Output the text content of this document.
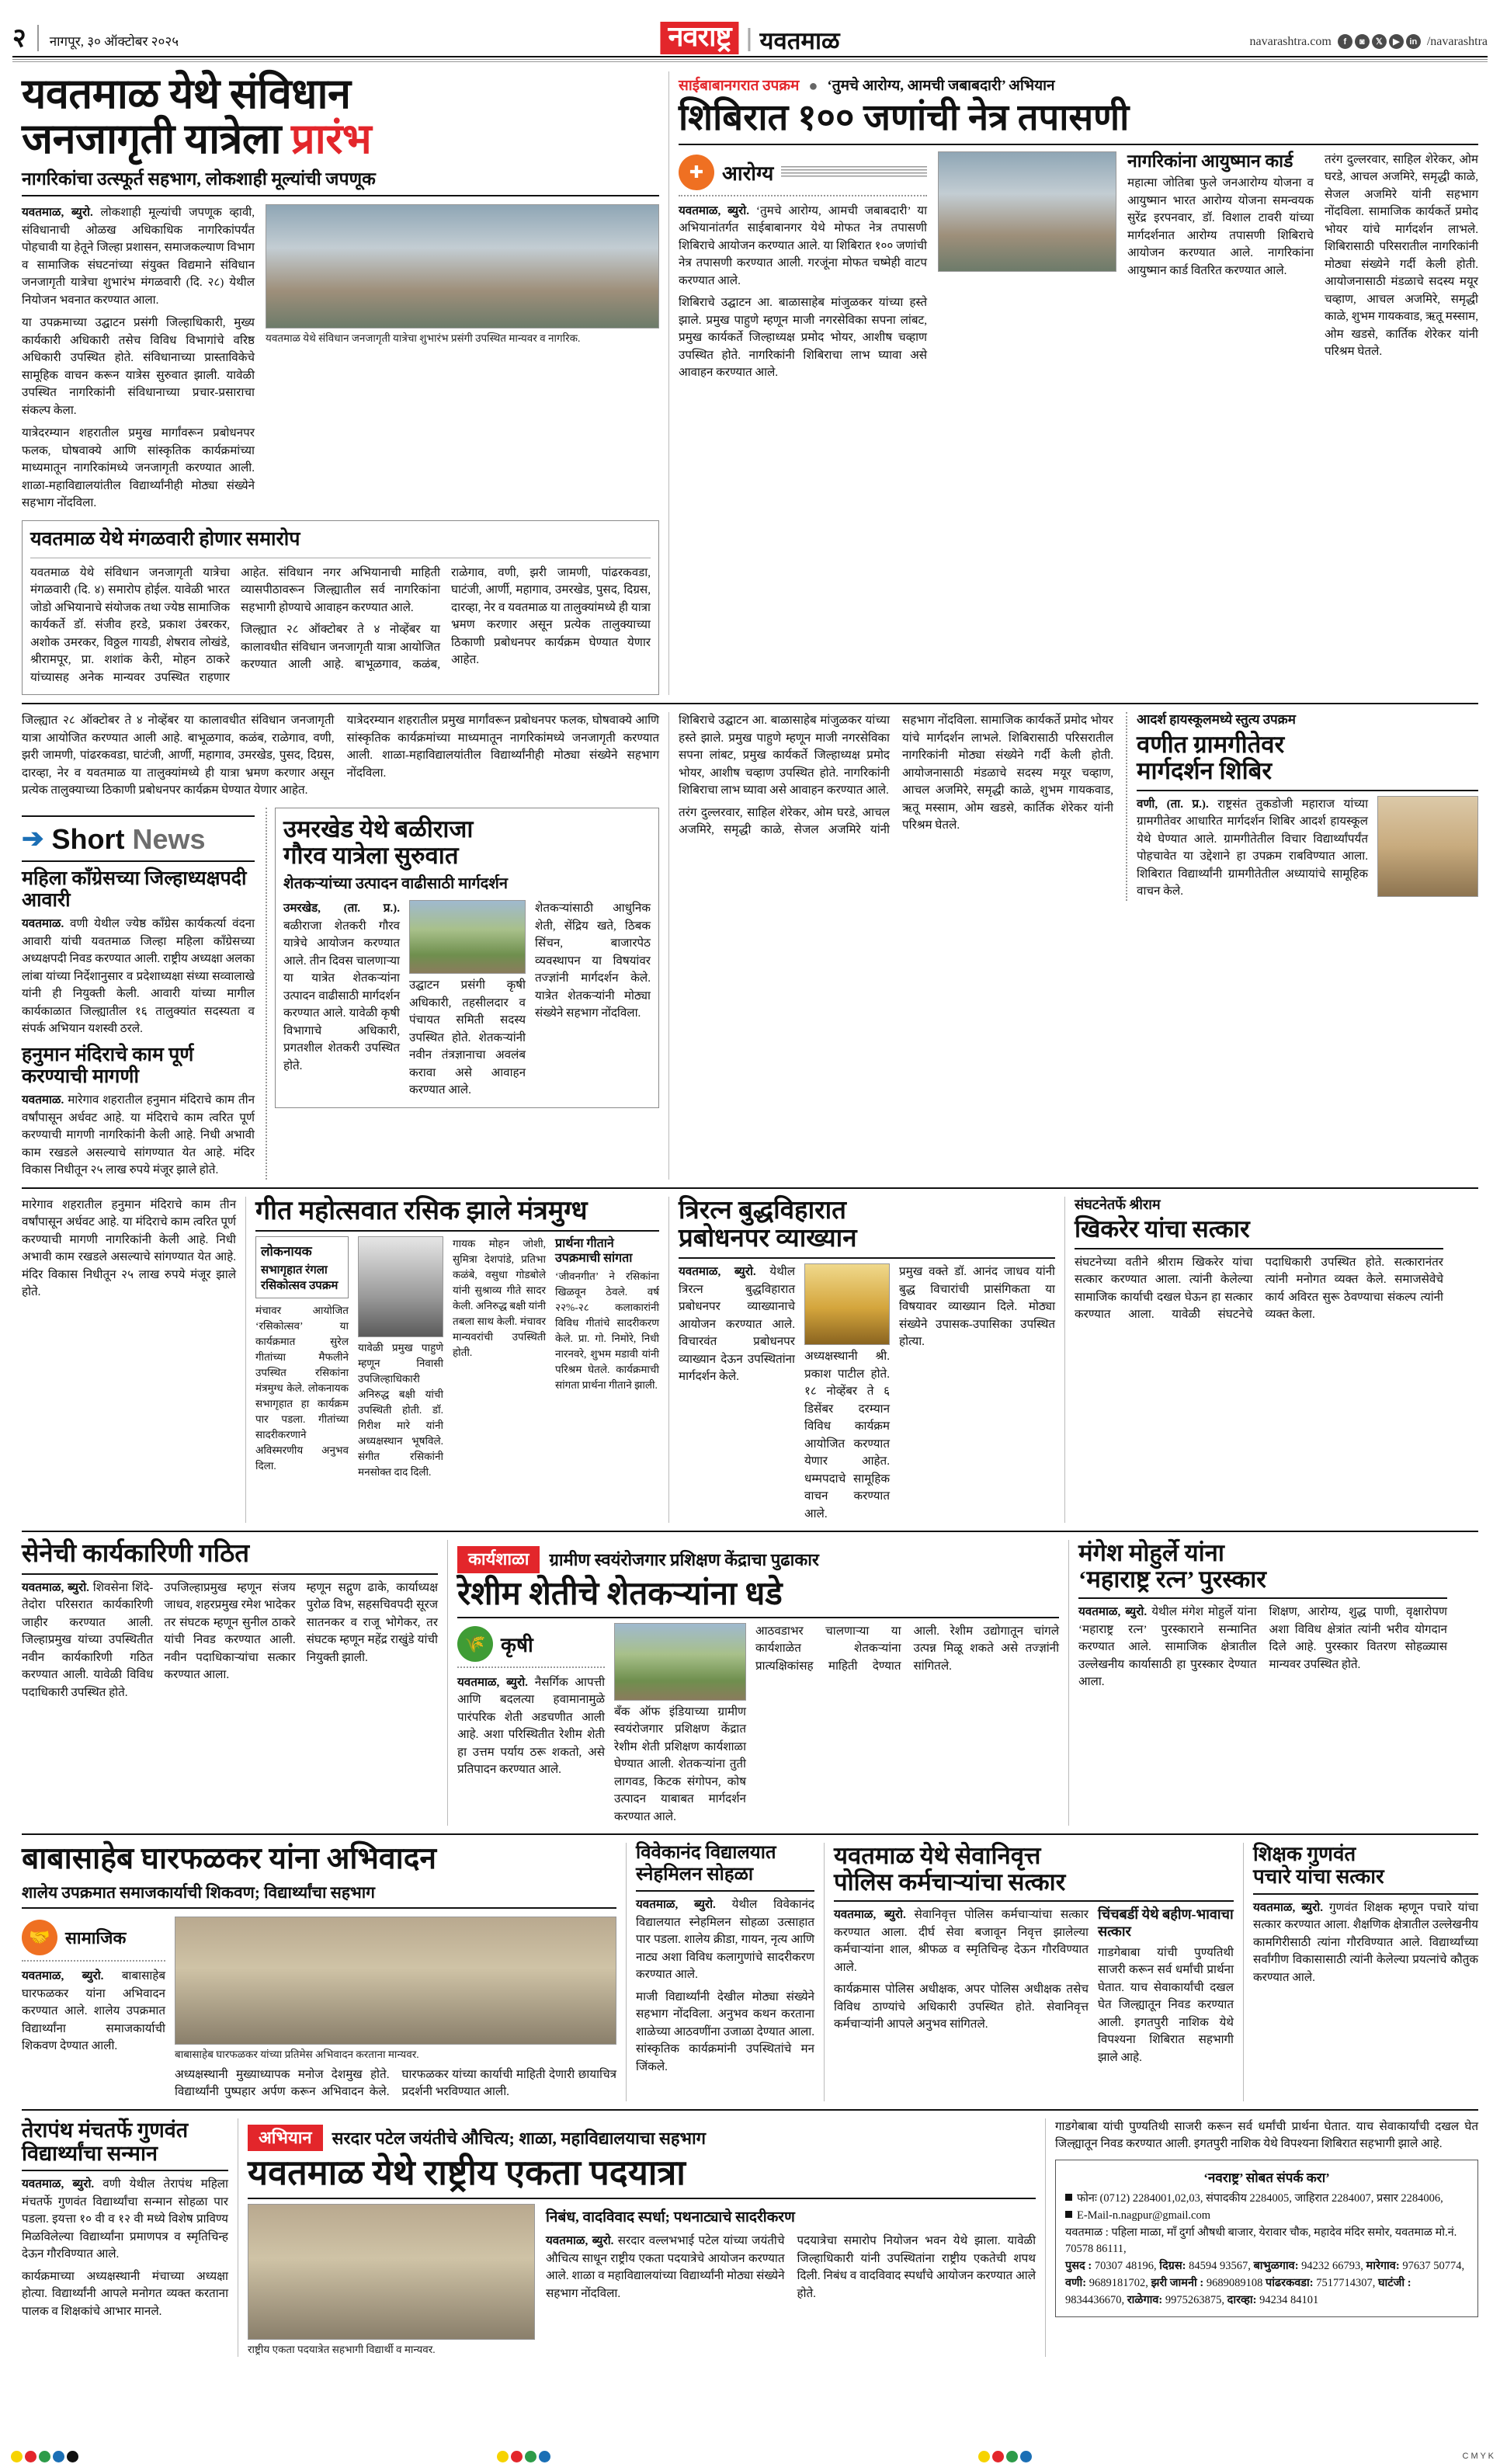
२ नागपूर, ३० ऑक्टोबर २०२५	नवराष्ट्र	यवतमाळ	navarashtra.com	f	◙	𝕏	▶	in /navarashtra
यवतमाळ येथे संविधान
जनजागृती यात्रेला प्रारंभ
नागरिकांचा उत्स्फूर्त सहभाग, लोकशाही मूल्यांची जपणूक

यवतमाळ, ब्युरो. लोकशाही मूल्यांची जपणूक व्हावी, संविधानाची ओळख अधिकाधिक नागरिकांपर्यंत पोहचावी या हेतूने जिल्हा प्रशासन, समाजकल्याण विभाग व सामाजिक संघटनांच्या संयुक्त विद्यमाने संविधान जनजागृती यात्रेचा शुभारंभ मंगळवारी (दि. २८) येथील नियोजन भवनात करण्यात आला.

या उपक्रमाच्या उद्घाटन प्रसंगी जिल्हाधिकारी, मुख्य कार्यकारी अधिकारी तसेच विविध विभागांचे वरिष्ठ अधिकारी उपस्थित होते. संविधानाच्या प्रास्ताविकेचे सामूहिक वाचन करून यात्रेस सुरुवात झाली. यावेळी उपस्थित नागरिकांनी संविधानाच्या प्रचार-प्रसाराचा संकल्प केला.

यात्रेदरम्यान शहरातील प्रमुख मार्गांवरून प्रबोधनपर फलक, घोषवाक्ये आणि सांस्कृतिक कार्यक्रमांच्या माध्यमातून नागरिकांमध्ये जनजागृती करण्यात आली. शाळा-महाविद्यालयांतील विद्यार्थ्यांनीही मोठ्या संख्येने सहभाग नोंदविला.

यवतमाळ येथे संविधान जनजागृती यात्रेचा शुभारंभ प्रसंगी उपस्थित मान्यवर व नागरिक.
यवतमाळ येथे मंगळवारी होणार समारोप

यवतमाळ येथे संविधान जनजागृती यात्रेचा मंगळवारी (दि. ४) समारोप होईल. यावेळी भारत जोडो अभियानाचे संयोजक तथा ज्येष्ठ सामाजिक कार्यकर्ते डॉ. संजीव हरडे, प्रकाश उंबरकर, अशोक उमरकर, विठ्ठल गायडी, शेषराव लोखंडे, श्रीरामपूर, प्रा. शशांक केरी, मोहन ठाकरे यांच्यासह अनेक मान्यवर उपस्थित राहणार आहेत. संविधान नगर अभियानाची माहिती व्यासपीठावरून जिल्ह्यातील सर्व नागरिकांना सहभागी होण्याचे आवाहन करण्यात आले.

जिल्ह्यात २८ ऑक्टोबर ते ४ नोव्हेंबर या कालावधीत संविधान जनजागृती यात्रा आयोजित करण्यात आली आहे. बाभूळगाव, कळंब, राळेगाव, वणी, झरी जामणी, पांढरकवडा, घाटंजी, आर्णी, महागाव, उमरखेड, पुसद, दिग्रस, दारव्हा, नेर व यवतमाळ या तालुक्यांमध्ये ही यात्रा भ्रमण करणार असून प्रत्येक तालुक्याच्या ठिकाणी प्रबोधनपर कार्यक्रम घेण्यात येणार आहेत.

साईबाबानगरात उपक्रम ● ‘तुमचे आरोग्य, आमची जबाबदारी’ अभियान
शिबिरात १०० जणांची नेत्र तपासणी
✚ आरोग्य

यवतमाळ, ब्युरो. ‘तुमचे आरोग्य, आमची जबाबदारी’ या अभियानांतर्गत साईबाबानगर येथे मोफत नेत्र तपासणी शिबिराचे आयोजन करण्यात आले. या शिबिरात १०० जणांची नेत्र तपासणी करण्यात आली. गरजूंना मोफत चष्मेही वाटप करण्यात आले.

शिबिराचे उद्घाटन आ. बाळासाहेब मांजुळकर यांच्या हस्ते झाले. प्रमुख पाहुणे म्हणून माजी नगरसेविका सपना लांबट, प्रमुख कार्यकर्ते जिल्हाध्यक्ष प्रमोद भोयर, आशीष चव्हाण उपस्थित होते. नागरिकांनी शिबिराचा लाभ घ्यावा असे आवाहन करण्यात आले.

नागरिकांना आयुष्मान कार्ड

महात्मा जोतिबा फुले जनआरोग्य योजना व आयुष्मान भारत आरोग्य योजना समन्वयक सुरेंद्र इरपनवार, डॉ. विशाल टावरी यांच्या मार्गदर्शनात आरोग्य तपासणी शिबिराचे आयोजन करण्यात आले. नागरिकांना आयुष्मान कार्ड वितरित करण्यात आले.

तरंग दुल्लरवार, साहिल शेरेकर, ओम घरडे, आचल अजमिरे, समृद्धी काळे, सेजल अजमिरे यांनी सहभाग नोंदविला. सामाजिक कार्यकर्ते प्रमोद भोयर यांचे मार्गदर्शन लाभले. शिबिरासाठी परिसरातील नागरिकांनी मोठ्या संख्येने गर्दी केली होती. आयोजनासाठी मंडळाचे सदस्य मयूर चव्हाण, आचल अजमिरे, समृद्धी काळे, शुभम गायकवाड, ऋतू मस्साम, ओम खडसे, कार्तिक शेरेकर यांनी परिश्रम घेतले.

जिल्ह्यात २८ ऑक्टोबर ते ४ नोव्हेंबर या कालावधीत संविधान जनजागृती यात्रा आयोजित करण्यात आली आहे. बाभूळगाव, कळंब, राळेगाव, वणी, झरी जामणी, पांढरकवडा, घाटंजी, आर्णी, महागाव, उमरखेड, पुसद, दिग्रस, दारव्हा, नेर व यवतमाळ या तालुक्यांमध्ये ही यात्रा भ्रमण करणार असून प्रत्येक तालुक्याच्या ठिकाणी प्रबोधनपर कार्यक्रम घेण्यात येणार आहेत.

यात्रेदरम्यान शहरातील प्रमुख मार्गांवरून प्रबोधनपर फलक, घोषवाक्ये आणि सांस्कृतिक कार्यक्रमांच्या माध्यमातून नागरिकांमध्ये जनजागृती करण्यात आली. शाळा-महाविद्यालयांतील विद्यार्थ्यांनीही मोठ्या संख्येने सहभाग नोंदविला.

➔ Short News
महिला काँग्रेसच्या जिल्हाध्यक्षपदी आवारी

यवतमाळ. वणी येथील ज्येष्ठ काँग्रेस कार्यकर्त्या वंदना आवारी यांची यवतमाळ जिल्हा महिला काँग्रेसच्या अध्यक्षपदी निवड करण्यात आली. राष्ट्रीय अध्यक्षा अलका लांबा यांच्या निर्देशानुसार व प्रदेशाध्यक्षा संध्या सव्वालाखे यांनी ही नियुक्ती केली. आवारी यांच्या मागील कार्यकाळात जिल्ह्यातील १६ तालुक्यांत सदस्यता व संपर्क अभियान यशस्वी ठरले.

हनुमान मंदिराचे काम पूर्ण करण्याची मागणी

यवतमाळ. मारेगाव शहरातील हनुमान मंदिराचे काम तीन वर्षांपासून अर्धवट आहे. या मंदिराचे काम त्वरित पूर्ण करण्याची मागणी नागरिकांनी केली आहे. निधी अभावी काम रखडले असल्याचे सांगण्यात येत आहे. मंदिर विकास निधीतून २५ लाख रुपये मंजूर झाले होते.

उमरखेड येथे बळीराजा
गौरव यात्रेला सुरुवात
शेतकऱ्यांच्या उत्पादन वाढीसाठी मार्गदर्शन

उमरखेड, (ता. प्र.). बळीराजा शेतकरी गौरव यात्रेचे आयोजन करण्यात आले. तीन दिवस चालणाऱ्या या यात्रेत शेतकऱ्यांना उत्पादन वाढीसाठी मार्गदर्शन करण्यात आले. यावेळी कृषी विभागाचे अधिकारी, प्रगतशील शेतकरी उपस्थित होते.

उद्घाटन प्रसंगी कृषी अधिकारी, तहसीलदार व पंचायत समिती सदस्य उपस्थित होते. शेतकऱ्यांनी नवीन तंत्रज्ञानाचा अवलंब करावा असे आवाहन करण्यात आले.

शेतकऱ्यांसाठी आधुनिक शेती, सेंद्रिय खते, ठिबक सिंचन, बाजारपेठ व्यवस्थापन या विषयांवर तज्ज्ञांनी मार्गदर्शन केले. यात्रेत शेतकऱ्यांनी मोठ्या संख्येने सहभाग नोंदविला.

शिबिराचे उद्घाटन आ. बाळासाहेब मांजुळकर यांच्या हस्ते झाले. प्रमुख पाहुणे म्हणून माजी नगरसेविका सपना लांबट, प्रमुख कार्यकर्ते जिल्हाध्यक्ष प्रमोद भोयर, आशीष चव्हाण उपस्थित होते. नागरिकांनी शिबिराचा लाभ घ्यावा असे आवाहन करण्यात आले.

तरंग दुल्लरवार, साहिल शेरेकर, ओम घरडे, आचल अजमिरे, समृद्धी काळे, सेजल अजमिरे यांनी सहभाग नोंदविला. सामाजिक कार्यकर्ते प्रमोद भोयर यांचे मार्गदर्शन लाभले. शिबिरासाठी परिसरातील नागरिकांनी मोठ्या संख्येने गर्दी केली होती. आयोजनासाठी मंडळाचे सदस्य मयूर चव्हाण, आचल अजमिरे, समृद्धी काळे, शुभम गायकवाड, ऋतू मस्साम, ओम खडसे, कार्तिक शेरेकर यांनी परिश्रम घेतले.

आदर्श हायस्कूलमध्ये स्तुत्य उपक्रम
वणीत ग्रामगीतेवर
मार्गदर्शन शिबिर

वणी, (ता. प्र.). राष्ट्रसंत तुकडोजी महाराज यांच्या ग्रामगीतेवर आधारित मार्गदर्शन शिबिर आदर्श हायस्कूल येथे घेण्यात आले. ग्रामगीतेतील विचार विद्यार्थ्यांपर्यंत पोहचावेत या उद्देशाने हा उपक्रम राबविण्यात आला. शिबिरात विद्यार्थ्यांनी ग्रामगीतेतील अध्यायांचे सामूहिक वाचन केले.

मारेगाव शहरातील हनुमान मंदिराचे काम तीन वर्षांपासून अर्धवट आहे. या मंदिराचे काम त्वरित पूर्ण करण्याची मागणी नागरिकांनी केली आहे. निधी अभावी काम रखडले असल्याचे सांगण्यात येत आहे. मंदिर विकास निधीतून २५ लाख रुपये मंजूर झाले होते.

गीत महोत्सवात रसिक झाले मंत्रमुग्ध
लोकनायक
सभागृहात रंगला रसिकोत्सव उपक्रम

मंचावर आयोजित ‘रसिकोत्सव’ या कार्यक्रमात सुरेल गीतांच्या मैफलीने उपस्थित रसिकांना मंत्रमुग्ध केले. लोकनायक सभागृहात हा कार्यक्रम पार पडला. गीतांच्या सादरीकरणाने अविस्मरणीय अनुभव दिला.

यावेळी प्रमुख पाहुणे म्हणून निवासी उपजिल्हाधिकारी अनिरुद्ध बक्षी यांची उपस्थिती होती. डॉ. गिरीश मारे यांनी अध्यक्षस्थान भूषविले. संगीत रसिकांनी मनसोक्त दाद दिली.

गायक मोहन जोशी, सुमित्रा देशपांडे, प्रतिभा कळंबे, वसुधा गोडबोले यांनी सुश्राव्य गीते सादर केली. अनिरुद्ध बक्षी यांनी तबला साथ केली. मंचावर मान्यवरांची उपस्थिती होती.

प्रार्थना गीताने उपक्रमाची सांगता

‘जीवनगीत’ ने रसिकांना खिळवून ठेवले. वर्ष २२%-२८ कलाकारांनी विविध गीतांचे सादरीकरण केले. प्रा. गो. निमोरे, निधी नारनवरे, शुभम मडावी यांनी परिश्रम घेतले. कार्यक्रमाची सांगता प्रार्थना गीताने झाली.

त्रिरत्न बुद्धविहारात
प्रबोधनपर व्याख्यान

यवतमाळ, ब्युरो. येथील त्रिरत्न बुद्धविहारात प्रबोधनपर व्याख्यानाचे आयोजन करण्यात आले. विचारवंत प्रबोधनपर व्याख्यान देऊन उपस्थितांना मार्गदर्शन केले.

अध्यक्षस्थानी श्री. प्रकाश पाटील होते. १८ नोव्हेंबर ते ६ डिसेंबर दरम्यान विविध कार्यक्रम आयोजित करण्यात येणार आहेत. धम्मपदाचे सामूहिक वाचन करण्यात आले.

प्रमुख वक्ते डॉ. आनंद जाधव यांनी बुद्ध विचारांची प्रासंगिकता या विषयावर व्याख्यान दिले. मोठ्या संख्येने उपासक-उपासिका उपस्थित होत्या.

संघटनेतर्फे श्रीराम
खिकरेर यांचा सत्कार

संघटनेच्या वतीने श्रीराम खिकरेर यांचा सत्कार करण्यात आला. त्यांनी केलेल्या सामाजिक कार्याची दखल घेऊन हा सत्कार करण्यात आला. यावेळी संघटनेचे पदाधिकारी उपस्थित होते. सत्कारानंतर त्यांनी मनोगत व्यक्त केले. समाजसेवेचे कार्य अविरत सुरू ठेवण्याचा संकल्प त्यांनी व्यक्त केला.

सेनेची कार्यकारिणी गठित

यवतमाळ, ब्युरो. शिवसेना शिंदे-तेदोरा परिसरात कार्यकारिणी जाहीर करण्यात आली. जिल्हाप्रमुख यांच्या उपस्थितीत नवीन कार्यकारिणी गठित करण्यात आली. यावेळी विविध पदाधिकारी उपस्थित होते.

उपजिल्हाप्रमुख म्हणून संजय जाधव, शहरप्रमुख रमेश भादेकर तर संघटक म्हणून सुनील ठाकरे यांची निवड करण्यात आली. नवीन पदाधिकाऱ्यांचा सत्कार करण्यात आला.

म्हणून सद्गुण ढाके, कार्याध्यक्ष पुरोळ विभ, सहसचिवपदी सूरज सातनकर व राजू भोगेकर, तर संघटक म्हणून महेंद्र राखुंडे यांची नियुक्ती झाली.

कार्यशाळा	ग्रामीण स्वयंरोजगार प्रशिक्षण केंद्राचा पुढाकार
रेशीम शेतीचे शेतकऱ्यांना धडे
🌾 कृषी

यवतमाळ, ब्युरो. नैसर्गिक आपत्ती आणि बदलत्या हवामानामुळे पारंपरिक शेती अडचणीत आली आहे. अशा परिस्थितीत रेशीम शेती हा उत्तम पर्याय ठरू शकतो, असे प्रतिपादन करण्यात आले.

बँक ऑफ इंडियाच्या ग्रामीण स्वयंरोजगार प्रशिक्षण केंद्रात रेशीम शेती प्रशिक्षण कार्यशाळा घेण्यात आली. शेतकऱ्यांना तुती लागवड, किटक संगोपन, कोष उत्पादन याबाबत मार्गदर्शन करण्यात आले.

आठवडाभर चालणाऱ्या या कार्यशाळेत शेतकऱ्यांना प्रात्यक्षिकांसह माहिती देण्यात आली. रेशीम उद्योगातून चांगले उत्पन्न मिळू शकते असे तज्ज्ञांनी सांगितले.

मंगेश मोहुर्ले यांना
‘महाराष्ट्र रत्न’ पुरस्कार

यवतमाळ, ब्युरो. येथील मंगेश मोहुर्ले यांना ‘महाराष्ट्र रत्न’ पुरस्काराने सन्मानित करण्यात आले. सामाजिक क्षेत्रातील उल्लेखनीय कार्यासाठी हा पुरस्कार देण्यात आला.

शिक्षण, आरोग्य, शुद्ध पाणी, वृक्षारोपण अशा विविध क्षेत्रांत त्यांनी भरीव योगदान दिले आहे. पुरस्कार वितरण सोहळ्यास मान्यवर उपस्थित होते.

बाबासाहेब घारफळकर यांना अभिवादन
शालेय उपक्रमात समाजकार्याची शिकवण; विद्यार्थ्यांचा सहभाग
🤝 सामाजिक

यवतमाळ, ब्युरो. बाबासाहेब घारफळकर यांना अभिवादन करण्यात आले. शालेय उपक्रमात विद्यार्थ्यांना समाजकार्याची शिकवण देण्यात आली.

बाबासाहेब घारफळकर यांच्या प्रतिमेस अभिवादन करताना मान्यवर.

अध्यक्षस्थानी मुख्याध्यापक मनोज देशमुख होते. विद्यार्थ्यांनी पुष्पहार अर्पण करून अभिवादन केले. घारफळकर यांच्या कार्याची माहिती देणारी छायाचित्र प्रदर्शनी भरविण्यात आली.

विवेकानंद विद्यालयात स्नेहमिलन सोहळा

यवतमाळ, ब्युरो. येथील विवेकानंद विद्यालयात स्नेहमिलन सोहळा उत्साहात पार पडला. शालेय क्रीडा, गायन, नृत्य आणि नाट्य अशा विविध कलागुणांचे सादरीकरण करण्यात आले.

माजी विद्यार्थ्यांनी देखील मोठ्या संख्येने सहभाग नोंदविला. अनुभव कथन करताना शाळेच्या आठवणींना उजाळा देण्यात आला. सांस्कृतिक कार्यक्रमांनी उपस्थितांचे मन जिंकले.

यवतमाळ येथे सेवानिवृत्त
पोलिस कर्मचाऱ्यांचा सत्कार

यवतमाळ, ब्युरो. सेवानिवृत्त पोलिस कर्मचाऱ्यांचा सत्कार करण्यात आला. दीर्घ सेवा बजावून निवृत्त झालेल्या कर्मचाऱ्यांना शाल, श्रीफळ व स्मृतिचिन्ह देऊन गौरविण्यात आले.

कार्यक्रमास पोलिस अधीक्षक, अपर पोलिस अधीक्षक तसेच विविध ठाण्यांचे अधिकारी उपस्थित होते. सेवानिवृत्त कर्मचाऱ्यांनी आपले अनुभव सांगितले.

चिंचबर्डी येथे बहीण-भावाचा सत्कार

गाडगेबाबा यांची पुण्यतिथी साजरी करून सर्व धर्मांची प्रार्थना घेतात. याच सेवाकार्यांची दखल घेत जिल्ह्यातून निवड करण्यात आली. इगतपुरी नाशिक येथे विपश्यना शिबिरात सहभागी झाले आहे.

शिक्षक गुणवंत
पचारे यांचा सत्कार

यवतमाळ, ब्युरो. गुणवंत शिक्षक म्हणून पचारे यांचा सत्कार करण्यात आला. शैक्षणिक क्षेत्रातील उल्लेखनीय कामगिरीसाठी त्यांना गौरविण्यात आले. विद्यार्थ्यांच्या सर्वांगीण विकासासाठी त्यांनी केलेल्या प्रयत्नांचे कौतुक करण्यात आले.

तेरापंथ मंचतर्फे गुणवंत
विद्यार्थ्यांचा सन्मान

यवतमाळ, ब्युरो. वणी येथील तेरापंथ महिला मंचतर्फे गुणवंत विद्यार्थ्यांचा सन्मान सोहळा पार पडला. इयत्ता १० वी व १२ वी मध्ये विशेष प्राविण्य मिळविलेल्या विद्यार्थ्यांना प्रमाणपत्र व स्मृतिचिन्ह देऊन गौरविण्यात आले.

कार्यक्रमाच्या अध्यक्षस्थानी मंचाच्या अध्यक्षा होत्या. विद्यार्थ्यांनी आपले मनोगत व्यक्त करताना पालक व शिक्षकांचे आभार मानले.

अभियान	सरदार पटेल जयंतीचे औचित्य; शाळा, महाविद्यालयाचा सहभाग
यवतमाळ येथे राष्ट्रीय एकता पदयात्रा
राष्ट्रीय एकता पदयात्रेत सहभागी विद्यार्थी व मान्यवर.
निबंध, वादविवाद स्पर्धा; पथनाट्याचे सादरीकरण

यवतमाळ, ब्युरो. सरदार वल्लभभाई पटेल यांच्या जयंतीचे औचित्य साधून राष्ट्रीय एकता पदयात्रेचे आयोजन करण्यात आले. शाळा व महाविद्यालयांच्या विद्यार्थ्यांनी मोठ्या संख्येने सहभाग नोंदविला.

पदयात्रेचा समारोप नियोजन भवन येथे झाला. यावेळी जिल्हाधिकारी यांनी उपस्थितांना राष्ट्रीय एकतेची शपथ दिली. निबंध व वादविवाद स्पर्धांचे आयोजन करण्यात आले होते.

गाडगेबाबा यांची पुण्यतिथी साजरी करून सर्व धर्मांची प्रार्थना घेतात. याच सेवाकार्यांची दखल घेत जिल्ह्यातून निवड करण्यात आली. इगतपुरी नाशिक येथे विपश्यना शिबिरात सहभागी झाले आहे.

‘नवराष्ट्र’ सोबत संपर्क करा’
फोनः (0712) 2284001,02,03, संपादकीय 2284005, जाहिरात 2284007, प्रसार 2284006,
E-Mail-n.nagpur@gmail.com
यवतमाळ : पहिला माळा, माँ दुर्गा औषधी बाजार, येरावार चौक, महादेव मंदिर समोर, यवतमाळ मो.नं. 70578 86111,
पुसद : 70307 48196, दिग्रस: 84594 93567, बाभुळगाव: 94232 66793, मारेगाव: 97637 50774, वणी: 9689181702, झरी जामनी : 9689089108 पांढरकवडा: 7517714307, घाटंजी : 9834436670, राळेगाव: 9975263875, दारव्हा: 94234 84101
C M Y K
